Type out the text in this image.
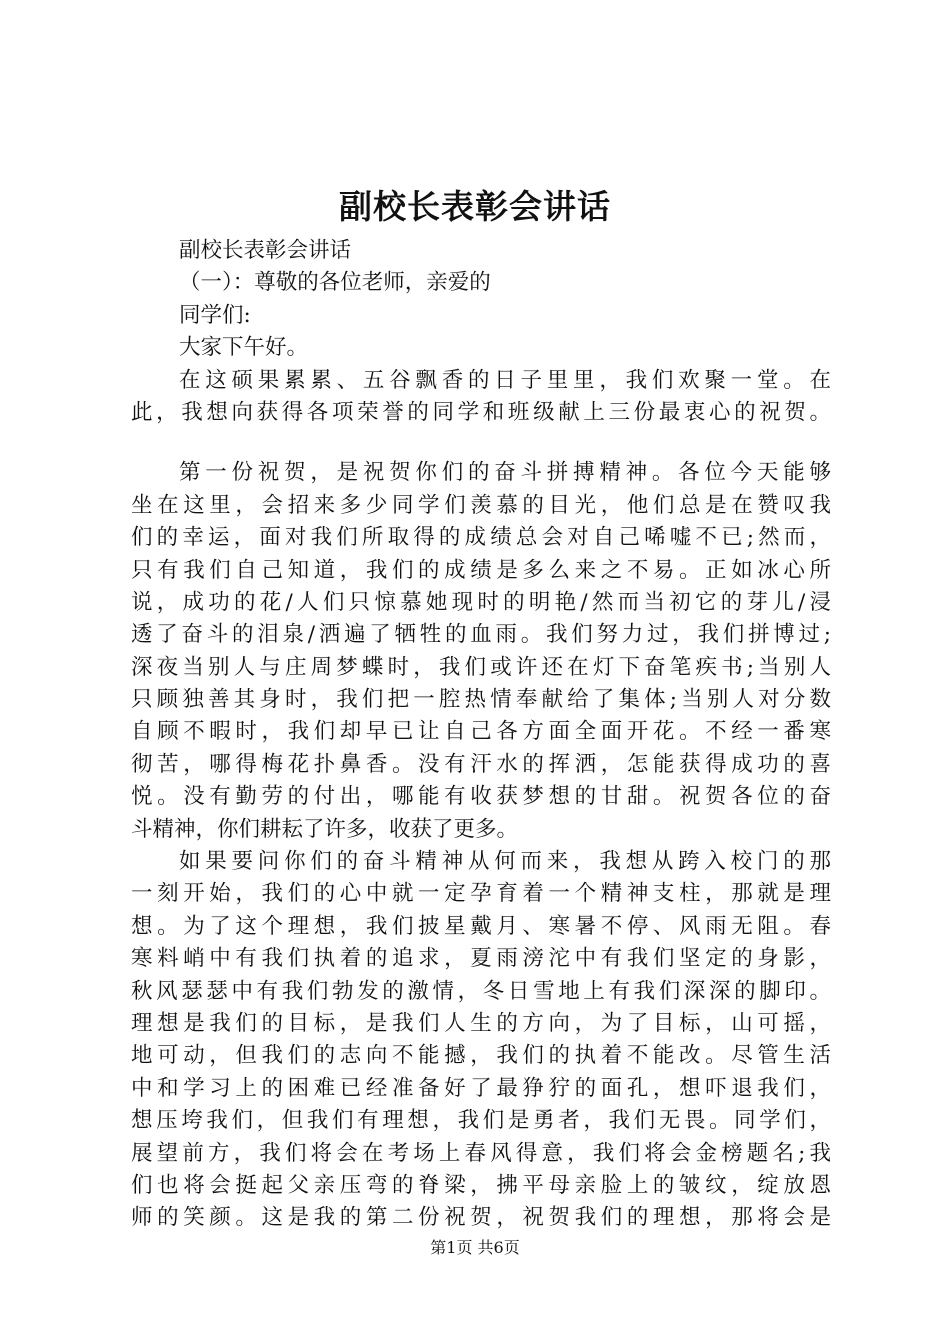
副校长表彰会讲话
副校长表彰会讲话
（一）：尊敬的各位老师，亲爱的
同学们:
大家下午好。
在这硕果累累、五谷飘香的日子里里，我们欢聚一堂。在
此，我想向获得各项荣誉的同学和班级献上三份最衷心的祝贺。
第一份祝贺，是祝贺你们的奋斗拼搏精神。各位今天能够
坐在这里，会招来多少同学们羡慕的目光，他们总是在赞叹我
们的幸运，面对我们所取得的成绩总会对自己唏嘘不已;然而，
只有我们自己知道，我们的成绩是多么来之不易。正如冰心所
说，成功的花/人们只惊慕她现时的明艳/然而当初它的芽儿/浸
透了奋斗的泪泉/洒遍了牺牲的血雨。我们努力过，我们拼博过;
深夜当别人与庄周梦蝶时，我们或许还在灯下奋笔疾书;当别人
只顾独善其身时，我们把一腔热情奉献给了集体;当别人对分数
自顾不暇时，我们却早已让自己各方面全面开花。不经一番寒
彻苦，哪得梅花扑鼻香。没有汗水的挥洒，怎能获得成功的喜
悦。没有勤劳的付出，哪能有收获梦想的甘甜。祝贺各位的奋
斗精神，你们耕耘了许多，收获了更多。
如果要问你们的奋斗精神从何而来，我想从跨入校门的那
一刻开始，我们的心中就一定孕育着一个精神支柱，那就是理
想。为了这个理想，我们披星戴月、寒暑不停、风雨无阻。春
寒料峭中有我们执着的追求，夏雨滂沱中有我们坚定的身影，
秋风瑟瑟中有我们勃发的激情，冬日雪地上有我们深深的脚印。
理想是我们的目标，是我们人生的方向，为了目标，山可摇，
地可动，但我们的志向不能撼，我们的执着不能改。尽管生活
中和学习上的困难已经准备好了最狰狞的面孔，想吓退我们，
想压垮我们，但我们有理想，我们是勇者，我们无畏。同学们，
展望前方，我们将会在考场上春风得意，我们将会金榜题名;我
们也将会挺起父亲压弯的脊梁，拂平母亲脸上的皱纹，绽放恩
师的笑颜。这是我的第二份祝贺，祝贺我们的理想，那将会是
第1页 共6页
